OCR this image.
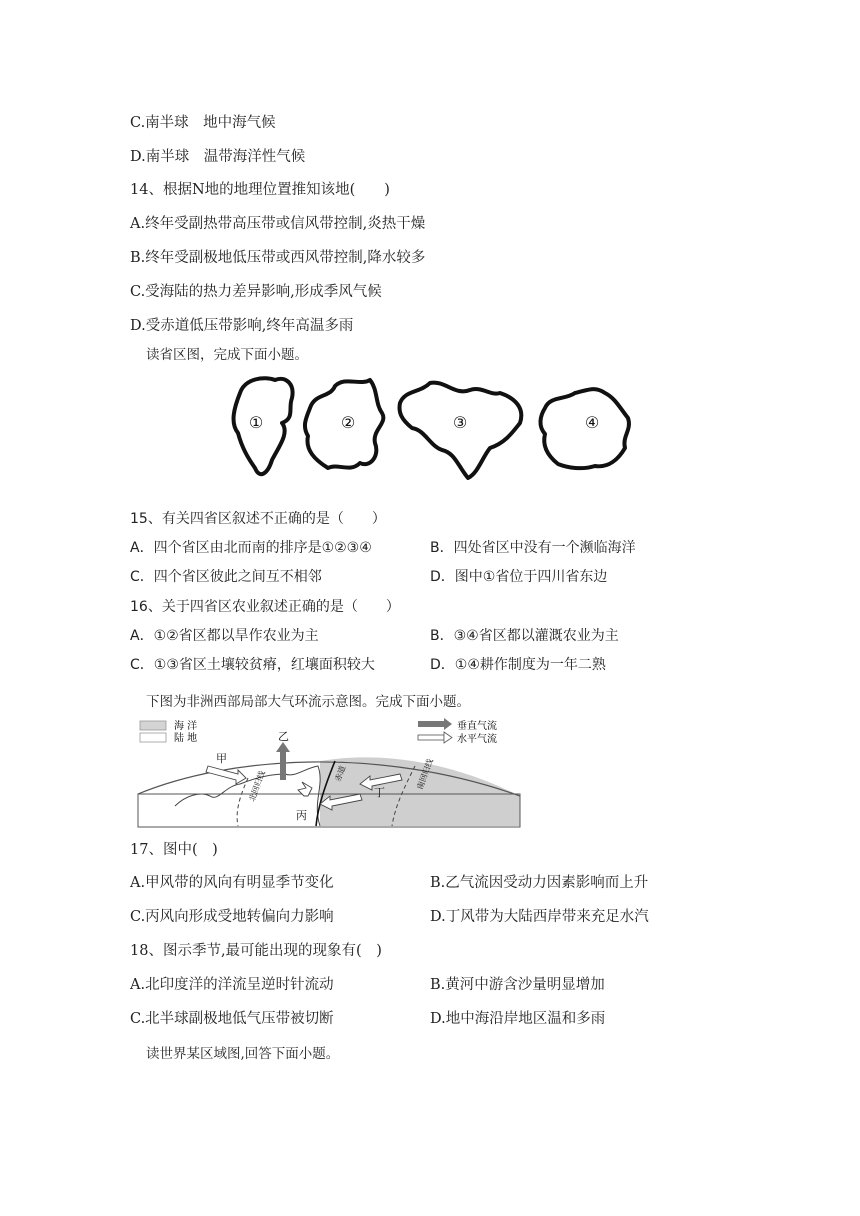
C.南半球　地中海气候
D.南半球　温带海洋性气候
14、根据N地的地理位置推知该地(　　)
A.终年受副热带高压带或信风带控制,炎热干燥
B.终年受副极地低压带或西风带控制,降水较多
C.受海陆的热力差异影响,形成季风气候
D.受赤道低压带影响,终年高温多雨
读省区图，完成下面小题。
①	②	③	④
15、有关四省区叙述不正确的是（　　）
A．四个省区由北而南的排序是①②③④	B．四处省区中没有一个濒临海洋
C．四个省区彼此之间互不相邻	D．图中①省位于四川省东边
16、关于四省区农业叙述正确的是（　　）
A．①②省区都以旱作农业为主	B．③④省区都以灌溉农业为主
C．①③省区土壤较贫瘠，红壤面积较大	D．①④耕作制度为一年二熟
下图为非洲西部局部大气环流示意图。完成下面小题。
海 洋
陆 地
垂直气流
水平气流
甲
乙
丙
丁
北回归线	赤道	南回归线
17、图中(　)
A.甲风带的风向有明显季节变化	B.乙气流因受动力因素影响而上升
C.丙风向形成受地转偏向力影响	D.丁风带为大陆西岸带来充足水汽
18、图示季节,最可能出现的现象有(　)
A.北印度洋的洋流呈逆时针流动	B.黄河中游含沙量明显增加
C.北半球副极地低气压带被切断	D.地中海沿岸地区温和多雨
读世界某区域图,回答下面小题。
